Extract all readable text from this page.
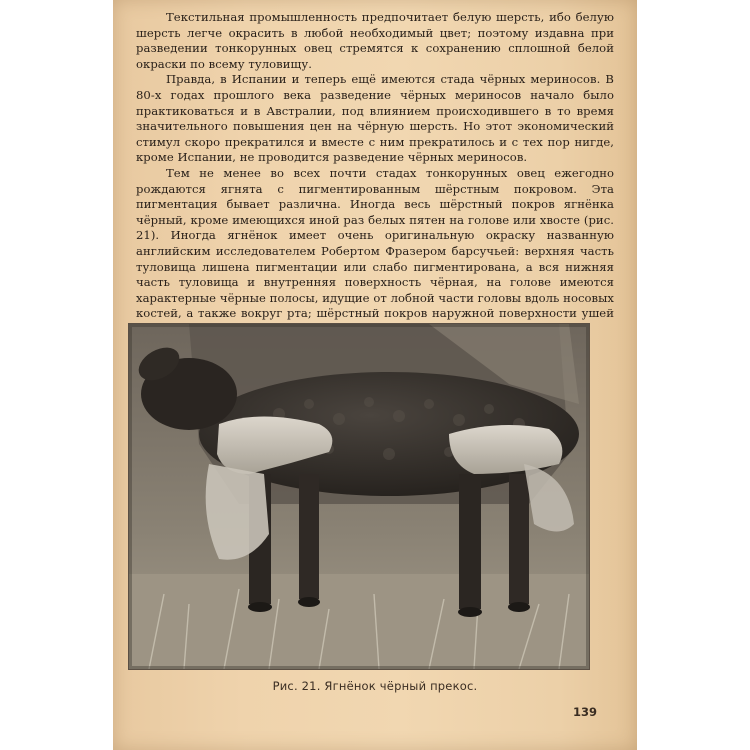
Текстильная промышленность предпочитает белую шерсть, ибо белую шерсть легче окрасить в любой необходимый цвет; поэтому издавна при разведении тонкорунных овец стремятся к сохранению сплошной белой окраски по всему туловищу.

Правда, в Испании и теперь ещё имеются стада чёрных мериносов. В 80-х годах прошлого века разведение чёрных мериносов начало было практиковаться и в Австралии, под влиянием происходившего в то время значительного повышения цен на чёрную шерсть. Но этот экономический стимул скоро прекратился и вместе с ним прекратилось и с тех пор нигде, кроме Испании, не проводится разведение чёрных мериносов.

Тем не менее во всех почти стадах тонкорунных овец ежегодно рождаются ягнята с пигментированным шёрстным покровом. Эта пигментация бывает различна. Иногда весь шёрстный покров ягнёнка чёрный, кроме имеющихся иной раз белых пятен на голове или хвосте (рис. 21). Иногда ягнёнок имеет очень оригинальную окраску названную английским исследователем Робертом Фразером барсучьей: верхняя часть туловища лишена пигментации или слабо пигментирована, а вся нижняя часть туловища и внутренняя поверхность чёрная, на голове имеются характерные чёрные полосы, идущие от лобной части головы вдоль носовых костей, а также вокруг рта; шёрстный покров наружной поверхности ушей

Рис. 21. Ягнёнок чёрный прекос.
139
